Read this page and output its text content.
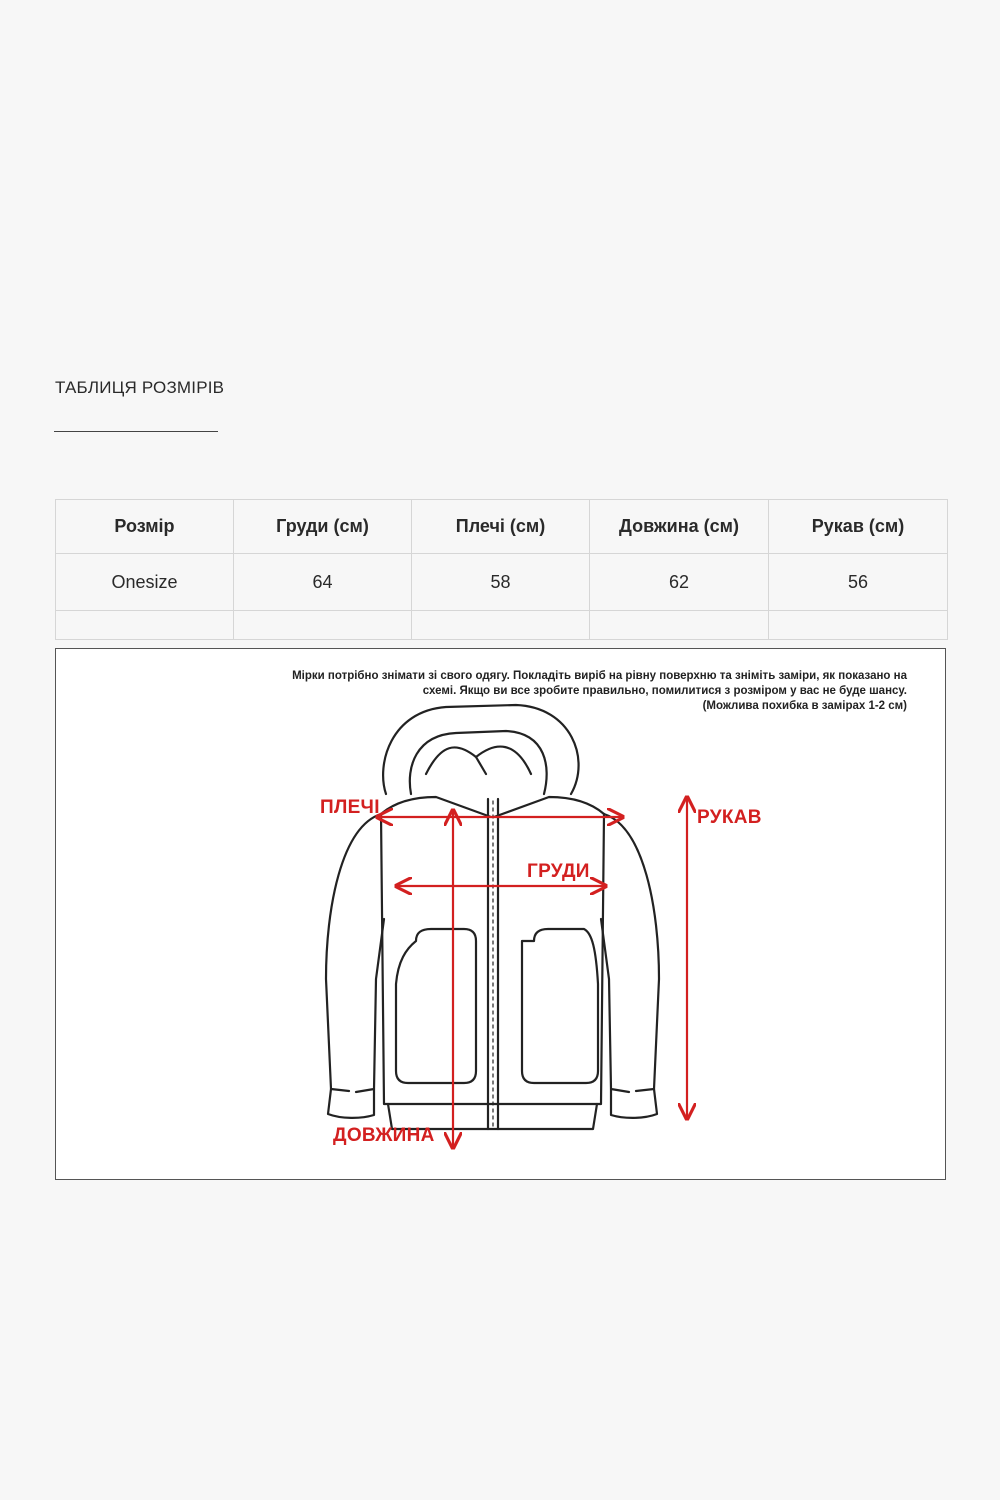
ТАБЛИЦЯ РОЗМІРІВ
Розмір	Груди (см)	Плечі (см)	Довжина (см)	Рукав (см)
Onesize	64	58	62	56

Мірки потрібно знімати зі свого одягу. Покладіть виріб на рівну поверхню та зніміть заміри, як показано на
схемі. Якщо ви все зробите правильно, помилитися з розміром у вас не буде шансу.
(Можлива похибка в замірах 1-2 см)
ПЛЕЧІ
ГРУДИ
РУКАВ
ДОВЖИНА
